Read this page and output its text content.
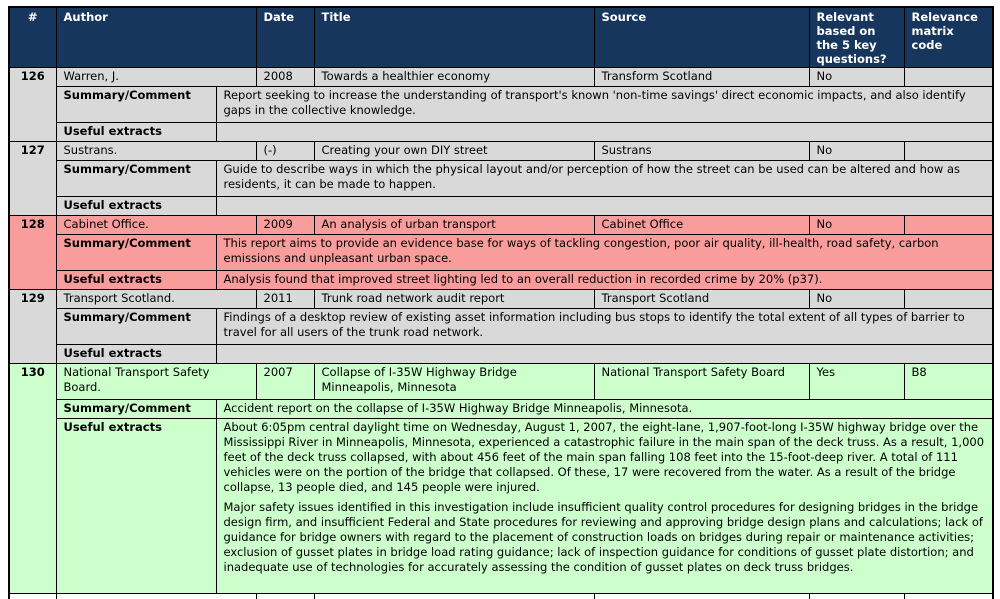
#	Author		Date	Title	Source	Relevant based on the 5 key questions?	Relevance matrix code
126	Warren, J.		2008	Towards a healthier economy	Transform Scotland	No	
	Summary/Comment	Report seeking to increase the understanding of transport's known 'non-time savings' direct economic impacts, and also identify gaps in the collective knowledge.					
	Useful extracts						
127	Sustrans.		(-)	Creating your own DIY street	Sustrans	No	
	Summary/Comment	Guide to describe ways in which the physical layout and/or perception of how the street can be used can be altered and how as residents, it can be made to happen.					
	Useful extracts						
128	Cabinet Office.		2009	An analysis of urban transport	Cabinet Office	No	
	Summary/Comment	This report aims to provide an evidence base for ways of tackling congestion, poor air quality, ill-health, road safety, carbon emissions and unpleasant urban space.					
	Useful extracts	Analysis found that improved street lighting led to an overall reduction in recorded crime by 20% (p37).					
129	Transport Scotland.		2011	Trunk road network audit report	Transport Scotland	No	
	Summary/Comment	Findings of a desktop review of existing asset information including bus stops to identify the total extent of all types of barrier to travel for all users of the trunk road network.					
	Useful extracts						
130	National Transport Safety Board.		2007	Collapse of I-35W Highway Bridge Minneapolis, Minnesota	National Transport Safety Board	Yes	B8
	Summary/Comment	Accident report on the collapse of I-35W Highway Bridge Minneapolis, Minnesota.					
	Useful extracts	About 6:05pm central daylight time on Wednesday, August 1, 2007, the eight-lane, 1,907-foot-long I-35W highway bridge over the Mississippi River in Minneapolis, Minnesota, experienced a catastrophic failure in the main span of the deck truss. As a result, 1,000 feet of the deck truss collapsed, with about 456 feet of the main span falling 108 feet into the 15-foot-deep river. A total of 111 vehicles were on the portion of the bridge that collapsed. Of these, 17 were recovered from the water. As a result of the bridge collapse, 13 people died, and 145 people were injured.

Major safety issues identified in this investigation include insufficient quality control procedures for designing bridges in the bridge design firm, and insufficient Federal and State procedures for reviewing and approving bridge design plans and calculations; lack of guidance for bridge owners with regard to the placement of construction loads on bridges during repair or maintenance activities; exclusion of gusset plates in bridge load rating guidance; lack of inspection guidance for conditions of gusset plate distortion; and inadequate use of technologies for accurately assessing the condition of gusset plates on deck truss bridges.					
